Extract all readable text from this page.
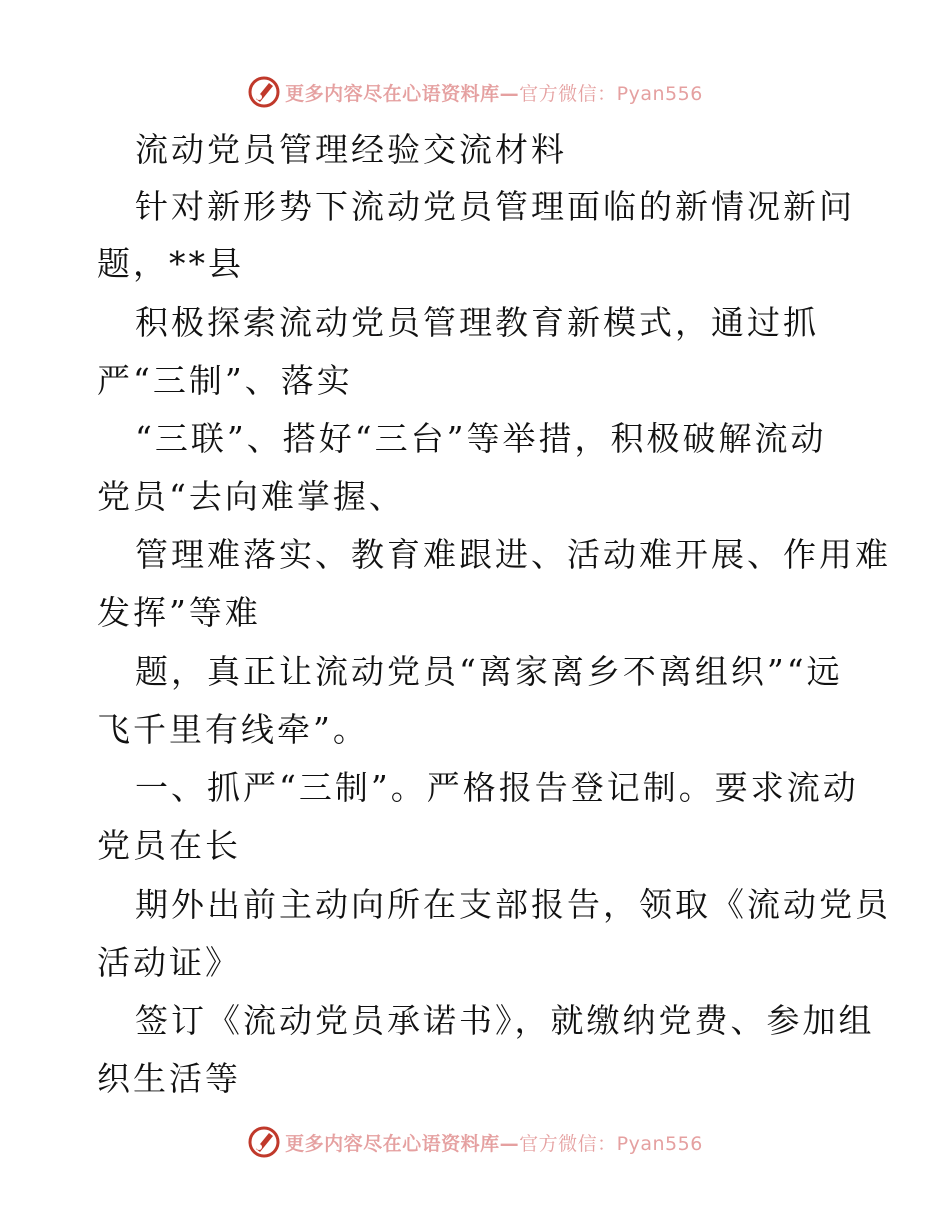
更多内容尽在心语资料库—官方微信：Pyan556
流动党员管理经验交流材料
针对新形势下流动党员管理面临的新情况新问
题，**县
积极探索流动党员管理教育新模式，通过抓
严“三制”、落实
“三联”、搭好“三台”等举措，积极破解流动
党员“去向难掌握、
管理难落实、教育难跟进、活动难开展、作用难
发挥”等难
题，真正让流动党员“离家离乡不离组织”“远
飞千里有线牵”。
一、抓严“三制”。严格报告登记制。要求流动
党员在长
期外出前主动向所在支部报告，领取《流动党员
活动证》
签订《流动党员承诺书》，就缴纳党费、参加组
织生活等
更多内容尽在心语资料库—官方微信：Pyan556
